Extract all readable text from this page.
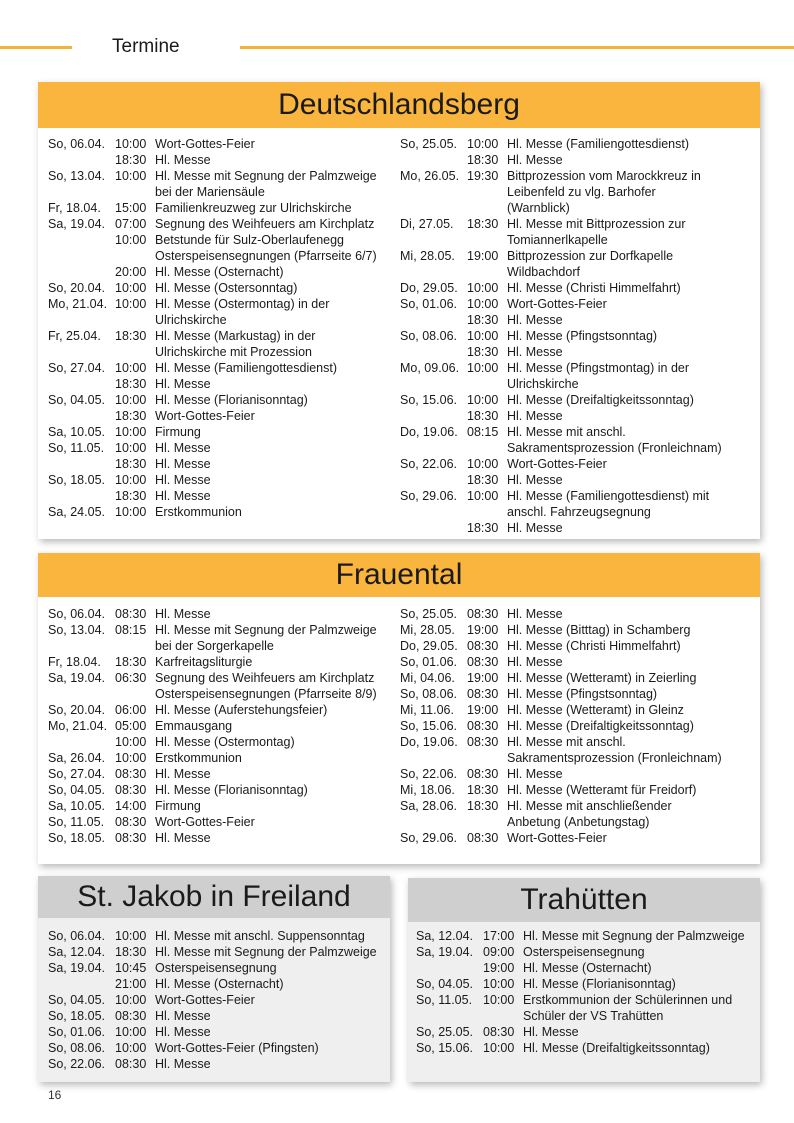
Termine
Deutschlandsberg
So, 06.04. 10:00 Wort-Gottes-Feier
18:30 Hl. Messe
So, 13.04. 10:00 Hl. Messe mit Segnung der Palmzweige
bei der Mariensäule
Fr, 18.04.	15:00 Familienkreuzweg zur Ulrichskirche
Sa, 19.04. 07:00 Segnung des Weihfeuers am Kirchplatz
10:00 Betstunde für Sulz-Oberlaufenegg
Osterspeisensegnungen (Pfarrseite 6/7)
20:00 Hl. Messe (Osternacht)
So, 20.04. 10:00 Hl. Messe (Ostersonntag)
Mo, 21.04. 10:00 Hl. Messe (Ostermontag) in der
Ulrichskirche
Fr, 25.04.	18:30 Hl. Messe (Markustag) in der
Ulrichskirche mit Prozession
So, 27.04. 10:00 Hl. Messe (Familiengottesdienst)
18:30 Hl. Messe
So, 04.05. 10:00 Hl. Messe (Florianisonntag)
18:30 Wort-Gottes-Feier
Sa, 10.05. 10:00 Firmung
So, 11.05. 10:00 Hl. Messe
18:30 Hl. Messe
So, 18.05. 10:00 Hl. Messe
18:30 Hl. Messe
Sa, 24.05. 10:00 Erstkommunion
So, 25.05. 10:00 Hl. Messe (Familiengottesdienst)
18:30 Hl. Messe
Mo, 26.05. 19:30 Bittprozession vom Marockkreuz in
Leibenfeld zu vlg. Barhofer
(Warnblick)
Di, 27.05.	18:30 Hl. Messe mit Bittprozession zur
Tomiannerlkapelle
Mi, 28.05. 19:00 Bittprozession zur Dorfkapelle
Wildbachdorf
Do, 29.05. 10:00 Hl. Messe (Christi Himmelfahrt)
So, 01.06. 10:00 Wort-Gottes-Feier
18:30 Hl. Messe
So, 08.06. 10:00 Hl. Messe (Pfingstsonntag)
18:30 Hl. Messe
Mo, 09.06. 10:00 Hl. Messe (Pfingstmontag) in der
Ulrichskirche
So, 15.06. 10:00 Hl. Messe (Dreifaltigkeitssonntag)
18:30 Hl. Messe
Do, 19.06. 08:15 Hl. Messe mit anschl.
Sakramentsprozession (Fronleichnam)
So, 22.06. 10:00 Wort-Gottes-Feier
18:30 Hl. Messe
So, 29.06. 10:00 Hl. Messe (Familiengottesdienst) mit
anschl. Fahrzeugsegnung
18:30 Hl. Messe
Frauental
So, 06.04. 08:30 Hl. Messe
So, 13.04. 08:15 Hl. Messe mit Segnung der Palmzweige
bei der Sorgerkapelle
Fr, 18.04.	18:30 Karfreitagsliturgie
Sa, 19.04. 06:30 Segnung des Weihfeuers am Kirchplatz
Osterspeisensegnungen (Pfarrseite 8/9)
So, 20.04. 06:00 Hl. Messe (Auferstehungsfeier)
Mo, 21.04. 05:00 Emmausgang
10:00 Hl. Messe (Ostermontag)
Sa, 26.04. 10:00 Erstkommunion
So, 27.04. 08:30 Hl. Messe
So, 04.05. 08:30 Hl. Messe (Florianisonntag)
Sa, 10.05. 14:00 Firmung
So, 11.05. 08:30 Wort-Gottes-Feier
So, 18.05. 08:30 Hl. Messe
So, 25.05. 08:30 Hl. Messe
Mi, 28.05. 19:00 Hl. Messe (Bitttag) in Schamberg
Do, 29.05. 08:30 Hl. Messe (Christi Himmelfahrt)
So, 01.06. 08:30 Hl. Messe
Mi, 04.06. 19:00 Hl. Messe (Wetteramt) in Zeierling
So, 08.06. 08:30 Hl. Messe (Pfingstsonntag)
Mi, 11.06.	19:00 Hl. Messe (Wetteramt) in Gleinz
So, 15.06. 08:30 Hl. Messe (Dreifaltigkeitssonntag)
Do, 19.06. 08:30 Hl. Messe mit anschl.
Sakramentsprozession (Fronleichnam)
So, 22.06. 08:30 Hl. Messe
Mi, 18.06. 18:30 Hl. Messe (Wetteramt für Freidorf)
Sa, 28.06. 18:30 Hl. Messe mit anschließender
Anbetung (Anbetungstag)
So, 29.06. 08:30 Wort-Gottes-Feier
St. Jakob in Freiland
So, 06.04. 10:00 Hl. Messe mit anschl. Suppensonntag
Sa, 12.04. 18:30 Hl. Messe mit Segnung der Palmzweige
Sa, 19.04. 10:45 Osterspeisensegnung
21:00 Hl. Messe (Osternacht)
So, 04.05. 10:00 Wort-Gottes-Feier
So, 18.05. 08:30 Hl. Messe
So, 01.06. 10:00 Hl. Messe
So, 08.06. 10:00 Wort-Gottes-Feier (Pfingsten)
So, 22.06. 08:30 Hl. Messe
Trahütten
Sa, 12.04. 17:00 Hl. Messe mit Segnung der Palmzweige
Sa, 19.04. 09:00 Osterspeisensegnung
19:00 Hl. Messe (Osternacht)
So, 04.05. 10:00 Hl. Messe (Florianisonntag)
So, 11.05. 10:00 Erstkommunion der Schülerinnen und
Schüler der VS Trahütten
So, 25.05. 08:30 Hl. Messe
So, 15.06. 10:00 Hl. Messe (Dreifaltigkeitssonntag)
16
